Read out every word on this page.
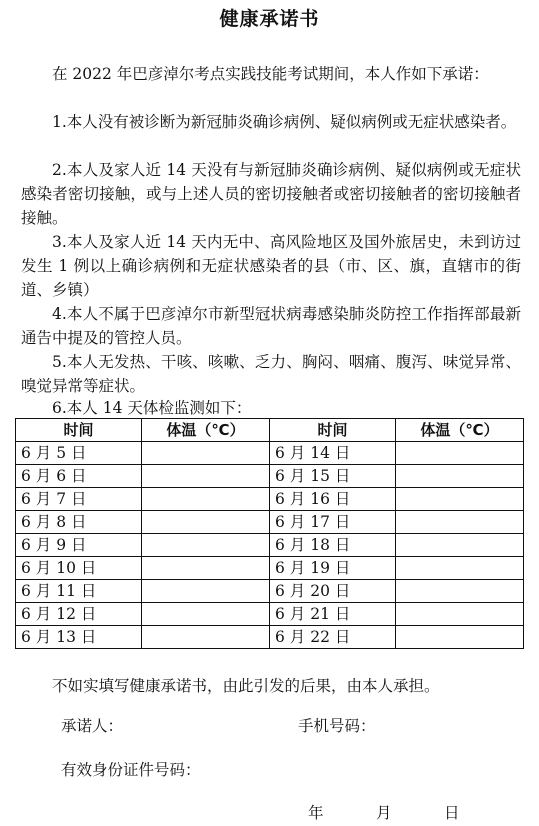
健康承诺书

在 2022 年巴彦淖尔考点实践技能考试期间，本人作如下承诺：

1.本人没有被诊断为新冠肺炎确诊病例、疑似病例或无症状感染者。

2.本人及家人近 14 天没有与新冠肺炎确诊病例、疑似病例或无症状感染者密切接触，或与上述人员的密切接触者或密切接触者的密切接触者接触。

3.本人及家人近 14 天内无中、高风险地区及国外旅居史，未到访过发生 1 例以上确诊病例和无症状感染者的县（市、区、旗，直辖市的街道、乡镇）

4.本人不属于巴彦淖尔市新型冠状病毒感染肺炎防控工作指挥部最新通告中提及的管控人员。

5.本人无发热、干咳、咳嗽、乏力、胸闷、咽痛、腹泻、味觉异常、嗅觉异常等症状。

6.本人 14 天体检监测如下：

时间	体温（℃）	时间	体温（℃）
6 月 5 日		6 月 14 日	
6 月 6 日		6 月 15 日	
6 月 7 日		6 月 16 日	
6 月 8 日		6 月 17 日	
6 月 9 日		6 月 18 日	
6 月 10 日		6 月 19 日	
6 月 11 日		6 月 20 日	
6 月 12 日		6 月 21 日	
6 月 13 日		6 月 22 日	

不如实填写健康承诺书，由此引发的后果，由本人承担。

承诺人：	手机号码：
有效身份证件号码：
年	月	日
